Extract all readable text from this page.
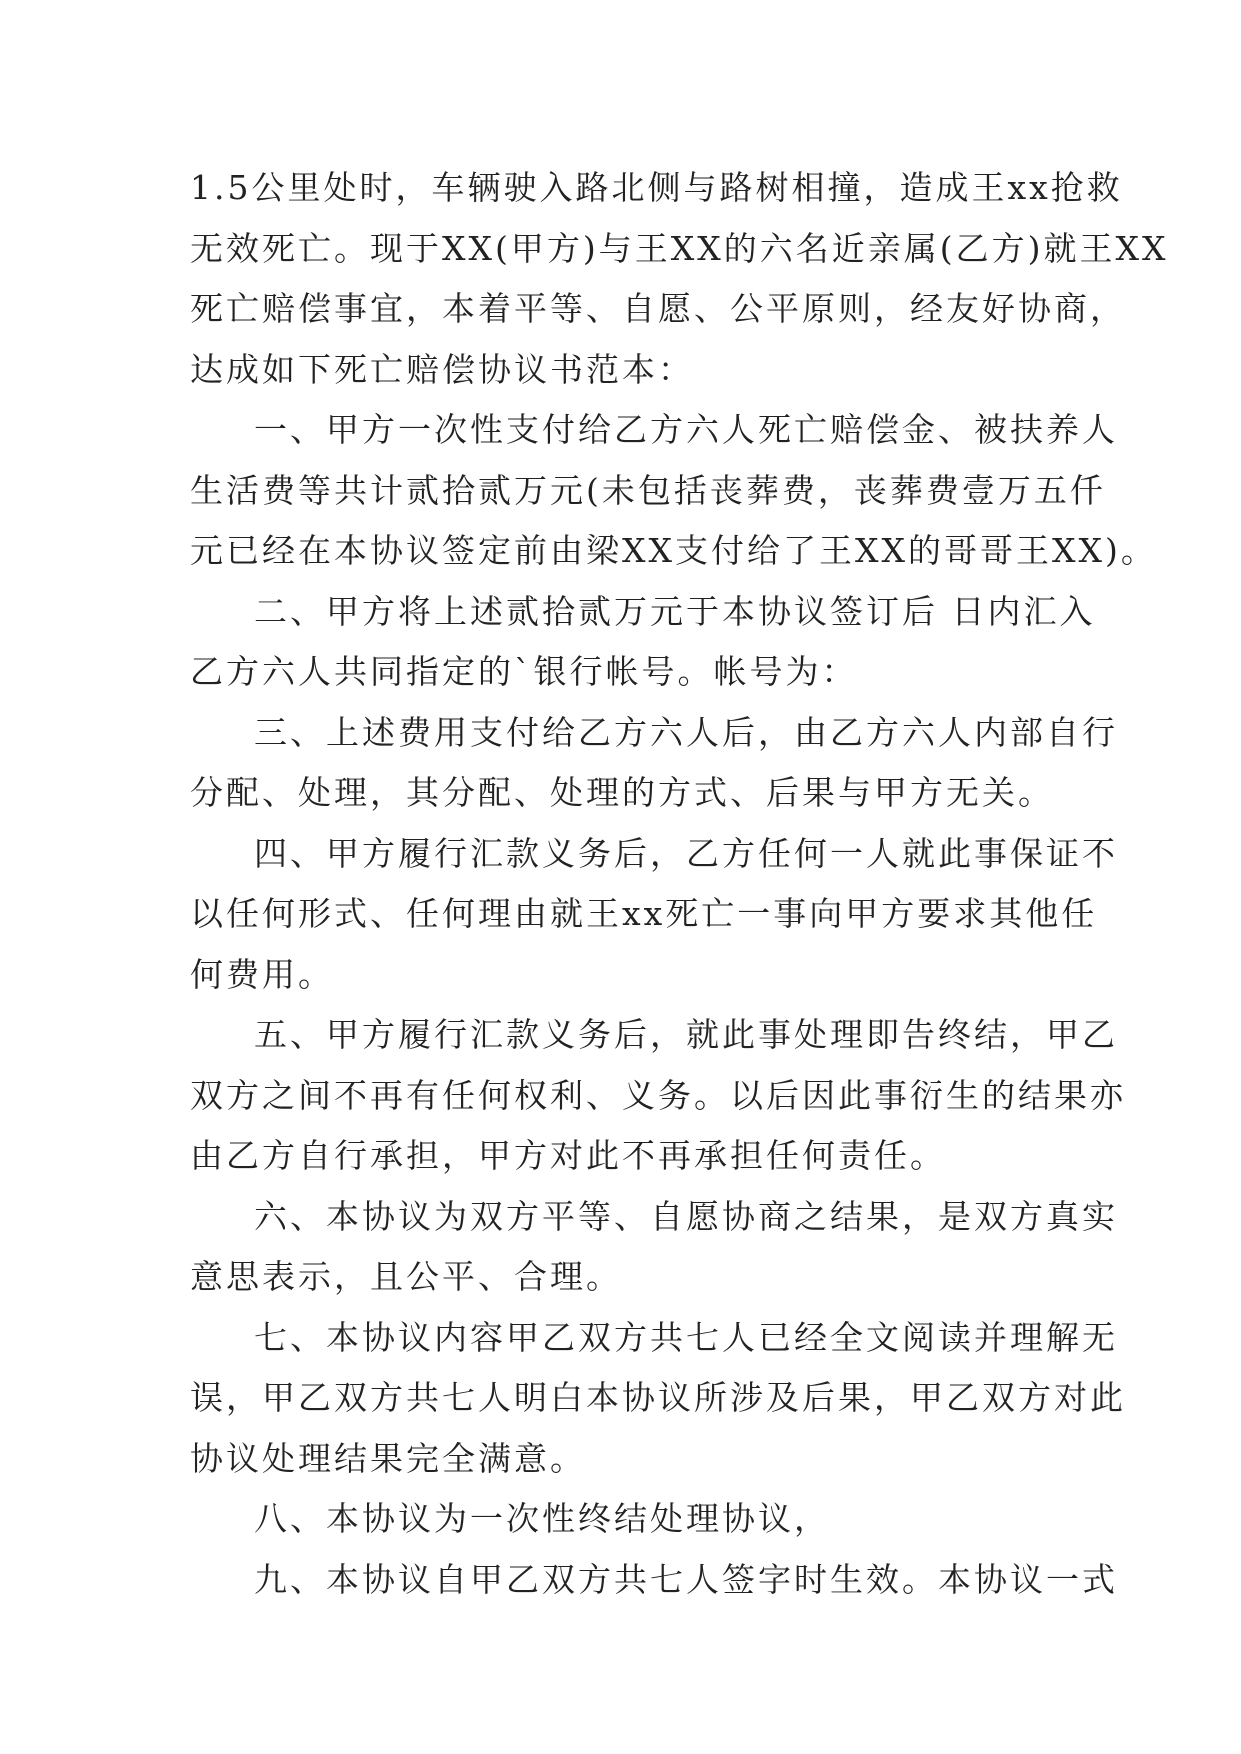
1.5公里处时，车辆驶入路北侧与路树相撞，造成王xx抢救
无效死亡。现于XX(甲方)与王XX的六名近亲属(乙方)就王XX
死亡赔偿事宜，本着平等、自愿、公平原则，经友好协商，
达成如下死亡赔偿协议书范本：
一、甲方一次性支付给乙方六人死亡赔偿金、被扶养人
生活费等共计贰拾贰万元(未包括丧葬费，丧葬费壹万五仟
元已经在本协议签定前由梁XX支付给了王XX的哥哥王XX)。
二、甲方将上述贰拾贰万元于本协议签订后 日内汇入
乙方六人共同指定的`银行帐号。帐号为：
三、上述费用支付给乙方六人后，由乙方六人内部自行
分配、处理，其分配、处理的方式、后果与甲方无关。
四、甲方履行汇款义务后，乙方任何一人就此事保证不
以任何形式、任何理由就王xx死亡一事向甲方要求其他任
何费用。
五、甲方履行汇款义务后，就此事处理即告终结，甲乙
双方之间不再有任何权利、义务。以后因此事衍生的结果亦
由乙方自行承担，甲方对此不再承担任何责任。
六、本协议为双方平等、自愿协商之结果，是双方真实
意思表示，且公平、合理。
七、本协议内容甲乙双方共七人已经全文阅读并理解无
误，甲乙双方共七人明白本协议所涉及后果，甲乙双方对此
协议处理结果完全满意。
八、本协议为一次性终结处理协议，
九、本协议自甲乙双方共七人签字时生效。本协议一式
